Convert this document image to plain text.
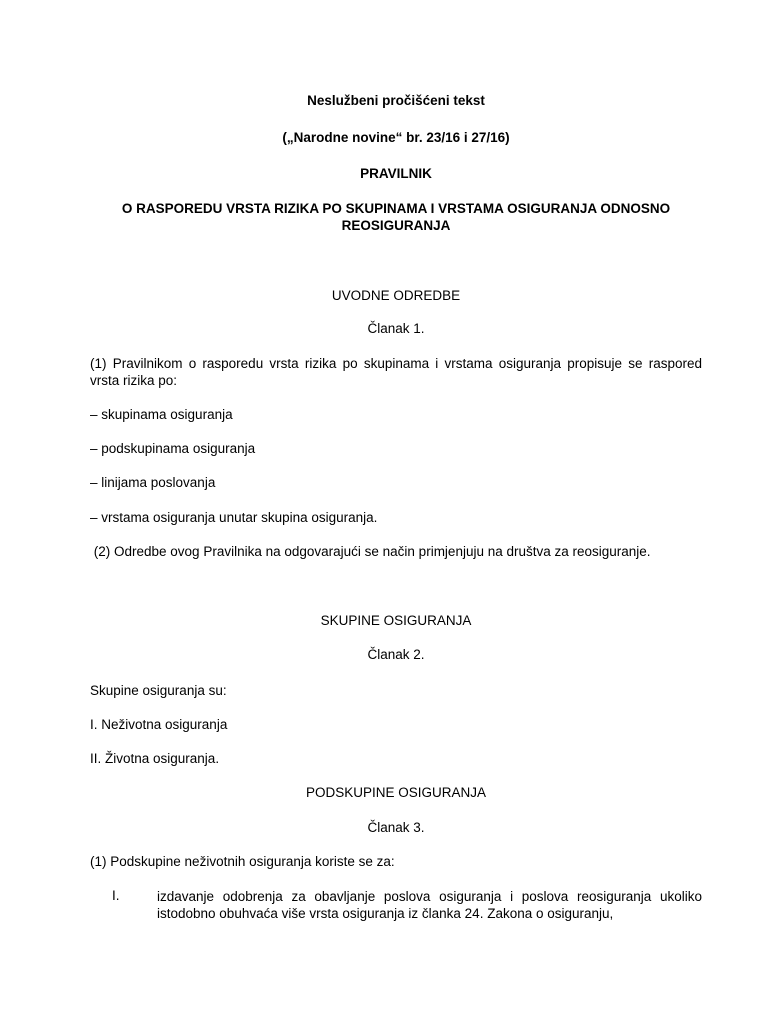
Neslužbeni pročišćeni tekst
(„Narodne novine“ br. 23/16 i 27/16)
PRAVILNIK
O RASPOREDU VRSTA RIZIKA PO SKUPINAMA I VRSTAMA OSIGURANJA ODNOSNO REOSIGURANJA
UVODNE ODREDBE
Članak 1.
(1) Pravilnikom o rasporedu vrsta rizika po skupinama i vrstama osiguranja propisuje se raspored vrsta rizika po:
– skupinama osiguranja
– podskupinama osiguranja
– linijama poslovanja
– vrstama osiguranja unutar skupina osiguranja.
(2) Odredbe ovog Pravilnika na odgovarajući se način primjenjuju na društva za reosiguranje.
SKUPINE OSIGURANJA
Članak 2.
Skupine osiguranja su:
I. Neživotna osiguranja
II. Životna osiguranja.
PODSKUPINE OSIGURANJA
Članak 3.
(1) Podskupine neživotnih osiguranja koriste se za:
I.	izdavanje odobrenja za obavljanje poslova osiguranja i poslova reosiguranja ukoliko istodobno obuhvaća više vrsta osiguranja iz članka 24. Zakona o osiguranju,
